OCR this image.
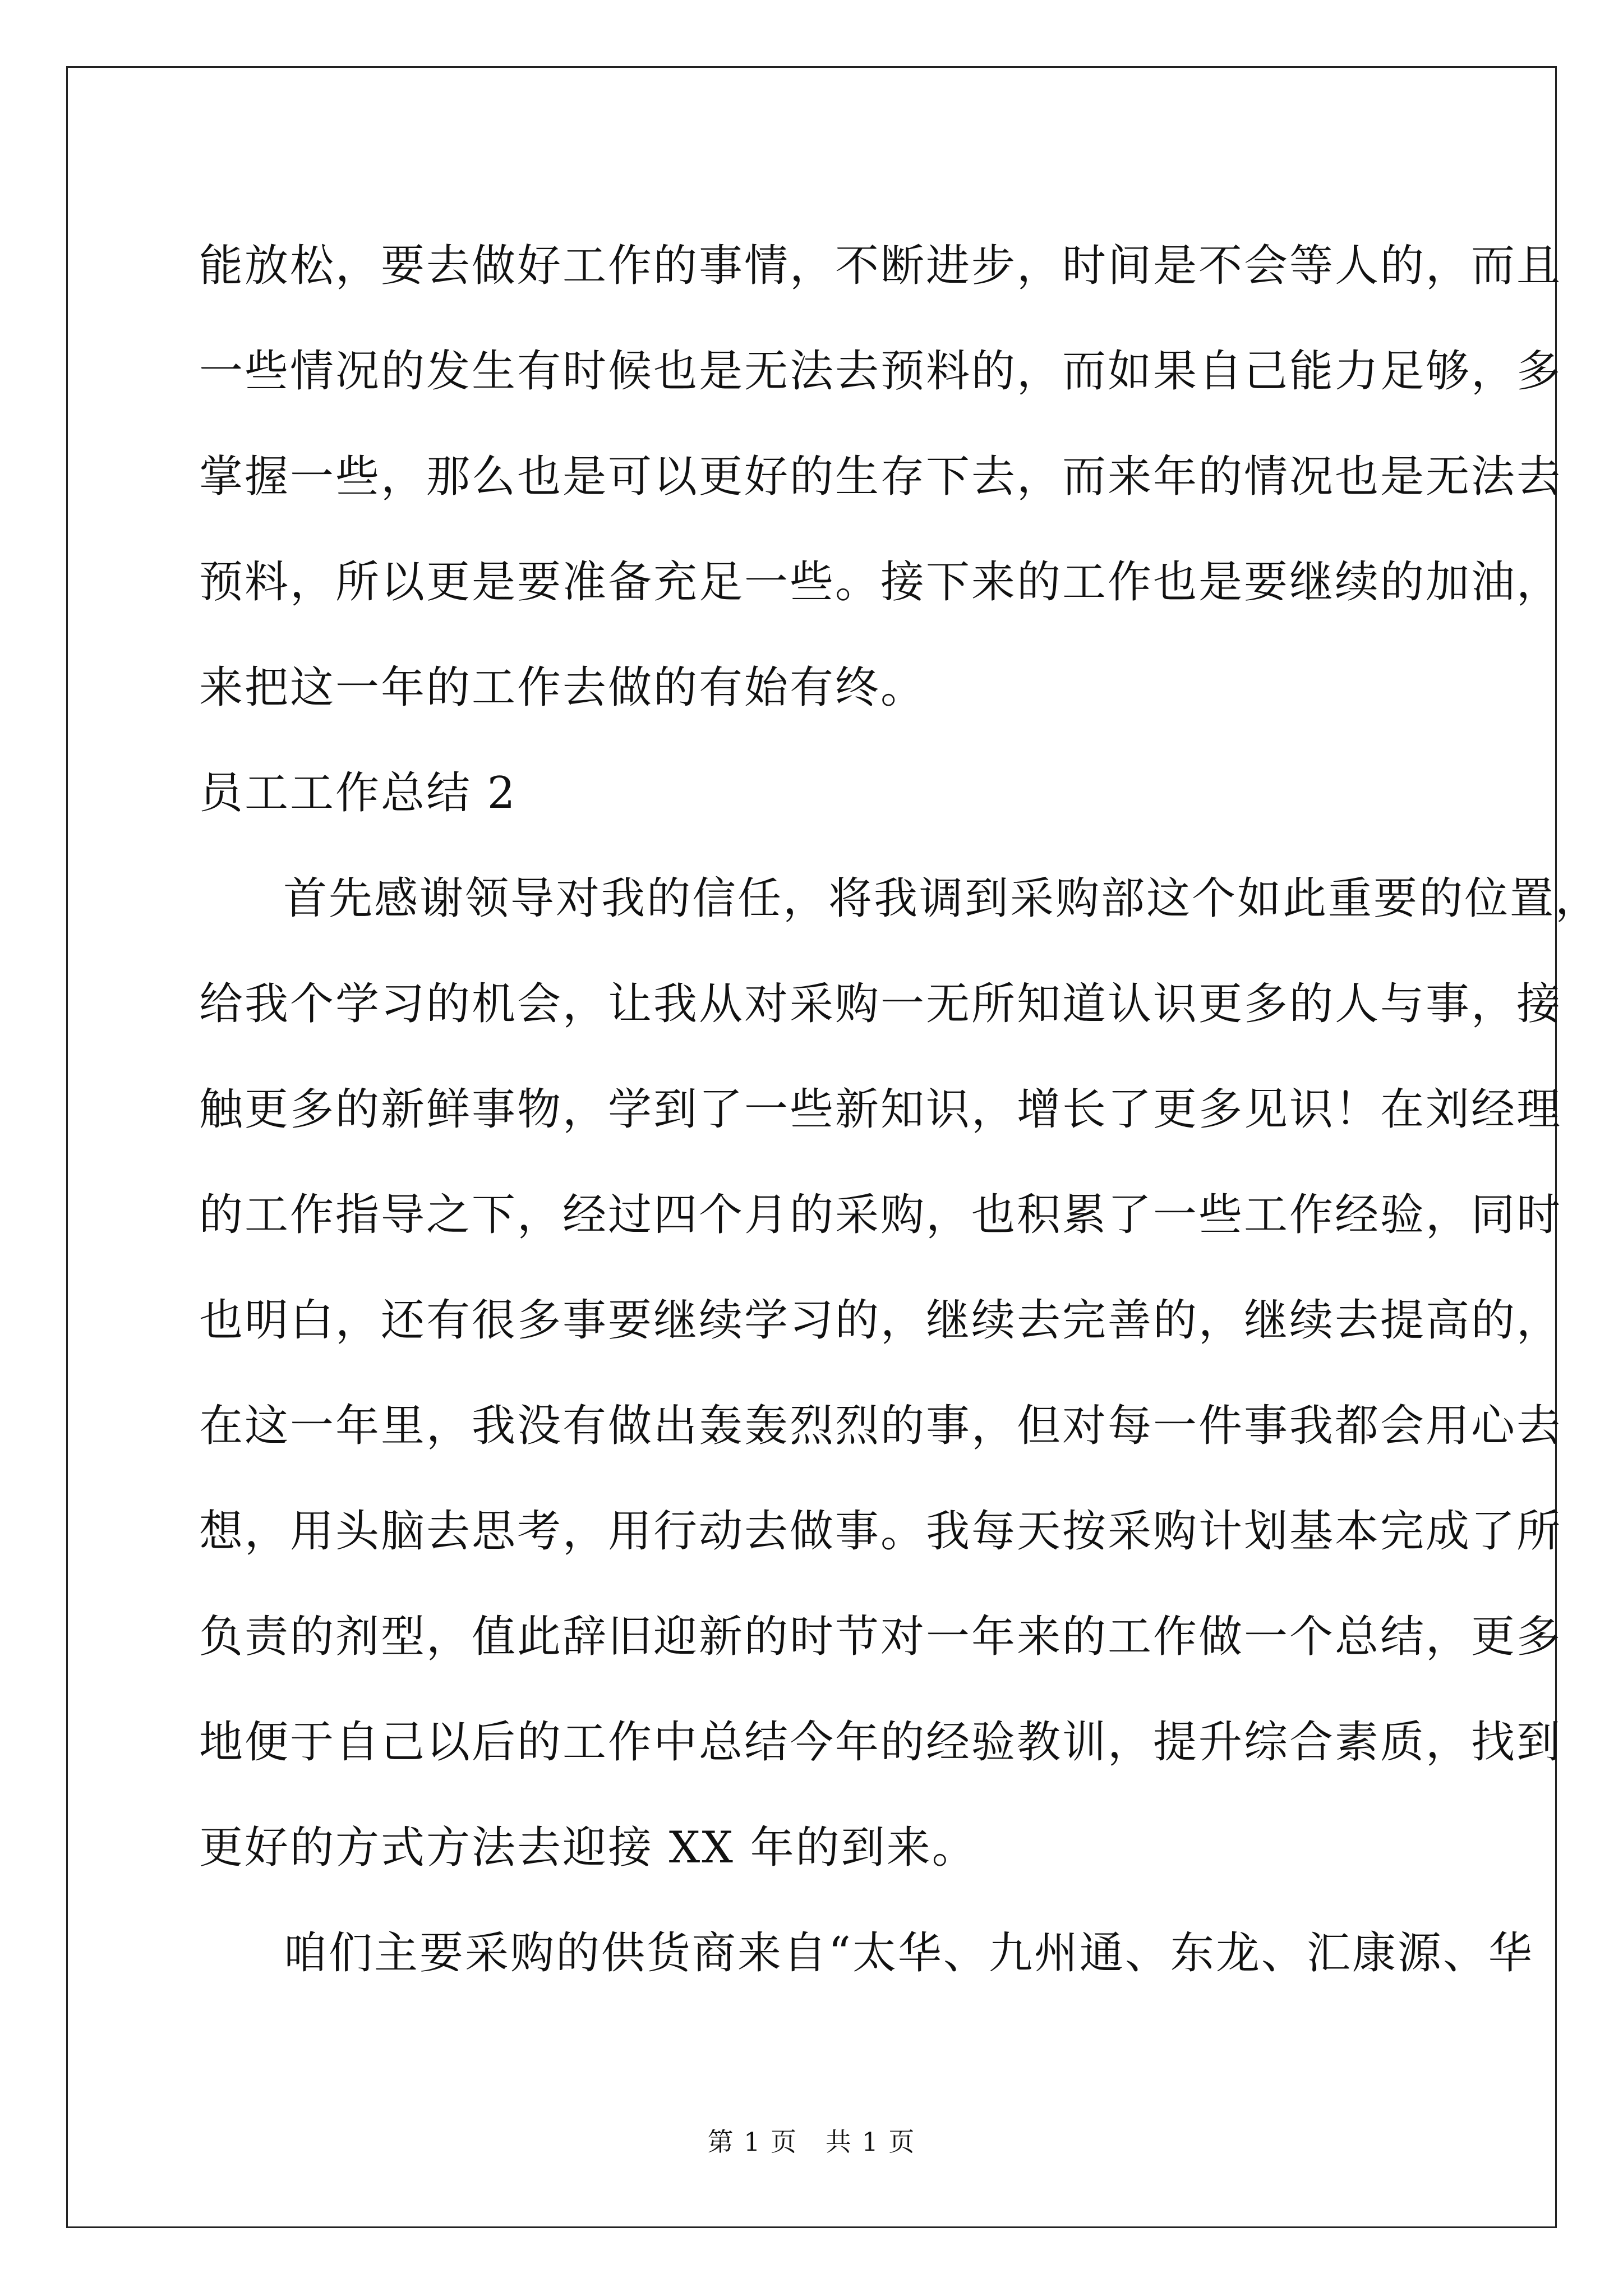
能放松，要去做好工作的事情，不断进步，时间是不会等人的，而且
一些情况的发生有时候也是无法去预料的，而如果自己能力足够，多
掌握一些，那么也是可以更好的生存下去，而来年的情况也是无法去
预料，所以更是要准备充足一些。接下来的工作也是要继续的加油，
来把这一年的工作去做的有始有终。
员工工作总结 2
首先感谢领导对我的信任，将我调到采购部这个如此重要的位置，
给我个学习的机会，让我从对采购一无所知道认识更多的人与事，接
触更多的新鲜事物，学到了一些新知识，增长了更多见识！在刘经理
的工作指导之下，经过四个月的采购，也积累了一些工作经验，同时
也明白，还有很多事要继续学习的，继续去完善的，继续去提高的，
在这一年里，我没有做出轰轰烈烈的事，但对每一件事我都会用心去
想，用头脑去思考，用行动去做事。我每天按采购计划基本完成了所
负责的剂型，值此辞旧迎新的时节对一年来的工作做一个总结，更多
地便于自己以后的工作中总结今年的经验教训，提升综合素质，找到
更好的方式方法去迎接 XX 年的到来。
咱们主要采购的供货商来自“太华、九州通、东龙、汇康源、华
第 1 页   共 1 页
